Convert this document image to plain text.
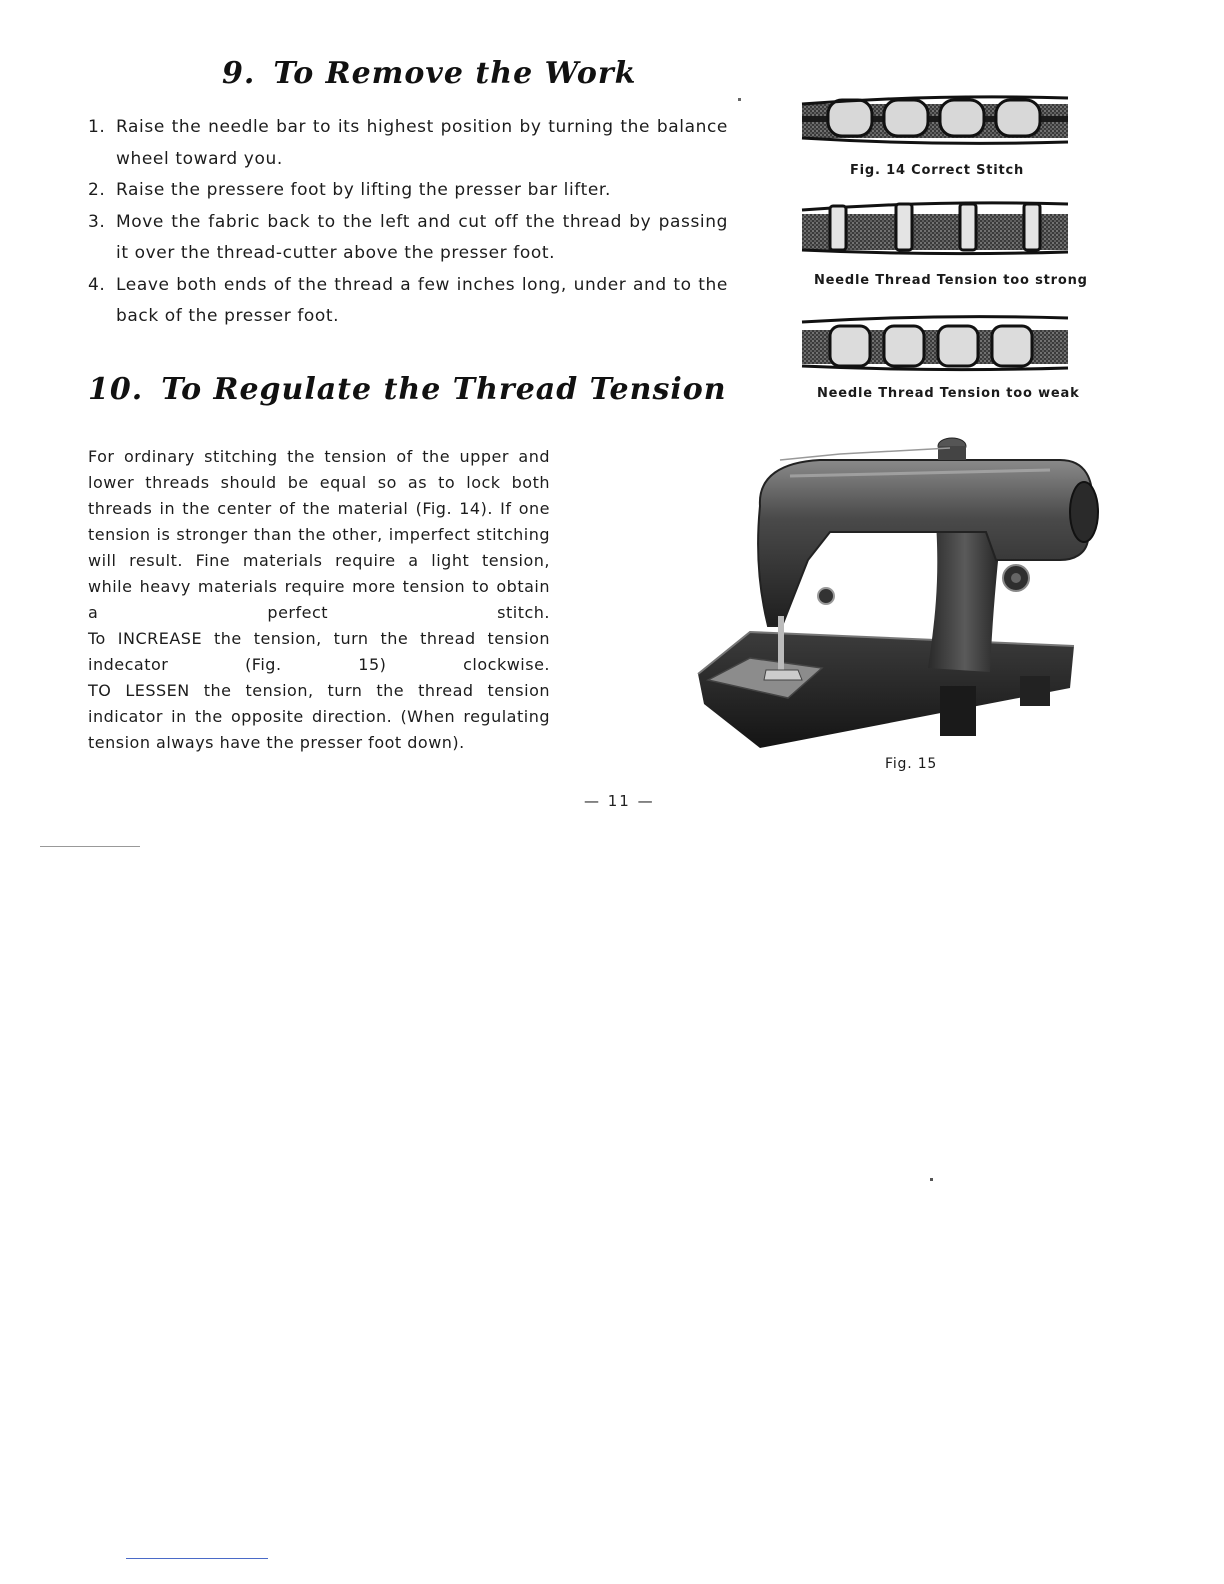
9. To Remove the Work
1. Raise the needle bar to its highest position by turning the balance wheel toward you.
2. Raise the pressere foot by lifting the presser bar lifter.
3. Move the fabric back to the left and cut off the thread by passing it over the thread-cutter above the presser foot.
4. Leave both ends of the thread a few inches long, under and to the back of the presser foot.
10. To Regulate the Thread Tension

For ordinary stitching the tension of the upper and lower threads should be equal so as to lock both threads in the center of the material (Fig. 14). If one tension is stronger than the other, imperfect stitching will result. Fine materials require a light tension, while heavy materials require more tension to obtain a perfect stitch.

To INCREASE the tension, turn the thread tension indecator (Fig. 15) clockwise.

TO LESSEN the tension, turn the thread tension indicator in the opposite direction. (When regulating tension always have the presser foot down).

Fig. 14 Correct Stitch
Needle Thread Tension too strong
Needle Thread Tension too weak
Fig. 15
— 11 —
